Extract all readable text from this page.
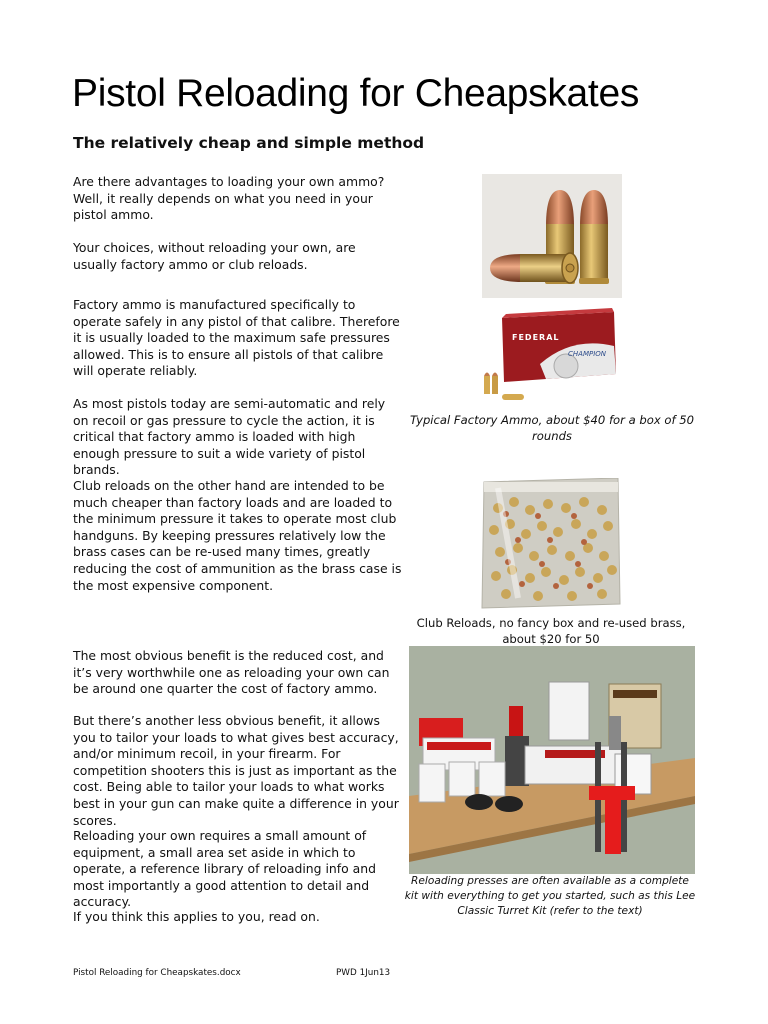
Pistol Reloading for Cheapskates
The relatively cheap and simple method

Are there advantages to loading your own ammo? Well, it really depends on what you need in your pistol ammo.

Your choices, without reloading your own, are usually factory ammo or club reloads.

Factory ammo is manufactured specifically to operate safely in any pistol of that calibre. Therefore it is usually loaded to the maximum safe pressures allowed. This is to ensure all pistols of that calibre will operate reliably.

As most pistols today are semi-automatic and rely on recoil or gas pressure to cycle the action, it is critical that factory ammo is loaded with high enough pressure to suit a wide variety of pistol brands.

Club reloads on the other hand are intended to be much cheaper than factory loads and are loaded to the minimum pressure it takes to operate most club handguns. By keeping pressures relatively low the brass cases can be re-used many times, greatly reducing the cost of ammunition as the brass case is the most expensive component.

The most obvious benefit is the reduced cost, and it’s very worthwhile one as reloading your own can be around one quarter the cost of factory ammo.

But there’s another less obvious benefit, it allows you to tailor your loads to what gives best accuracy, and/or minimum recoil, in your firearm. For competition shooters this is just as important as the cost. Being able to tailor your loads to what works best in your gun can make quite a difference in your scores.

Reloading your own requires a small amount of equipment, a small area set aside in which to operate, a reference library of reloading info and most importantly a good attention to detail and accuracy.

If you think this applies to you, read on.

FEDERAL
CHAMPION
Typical Factory Ammo, about $40 for a box of 50 rounds
Club Reloads, no fancy box and re-used brass, about $20 for 50
Reloading presses are often available as a complete kit with everything to get you started, such as this Lee Classic Turret Kit (refer to the text)
Pistol Reloading for Cheapskates.docx	PWD 1Jun13
